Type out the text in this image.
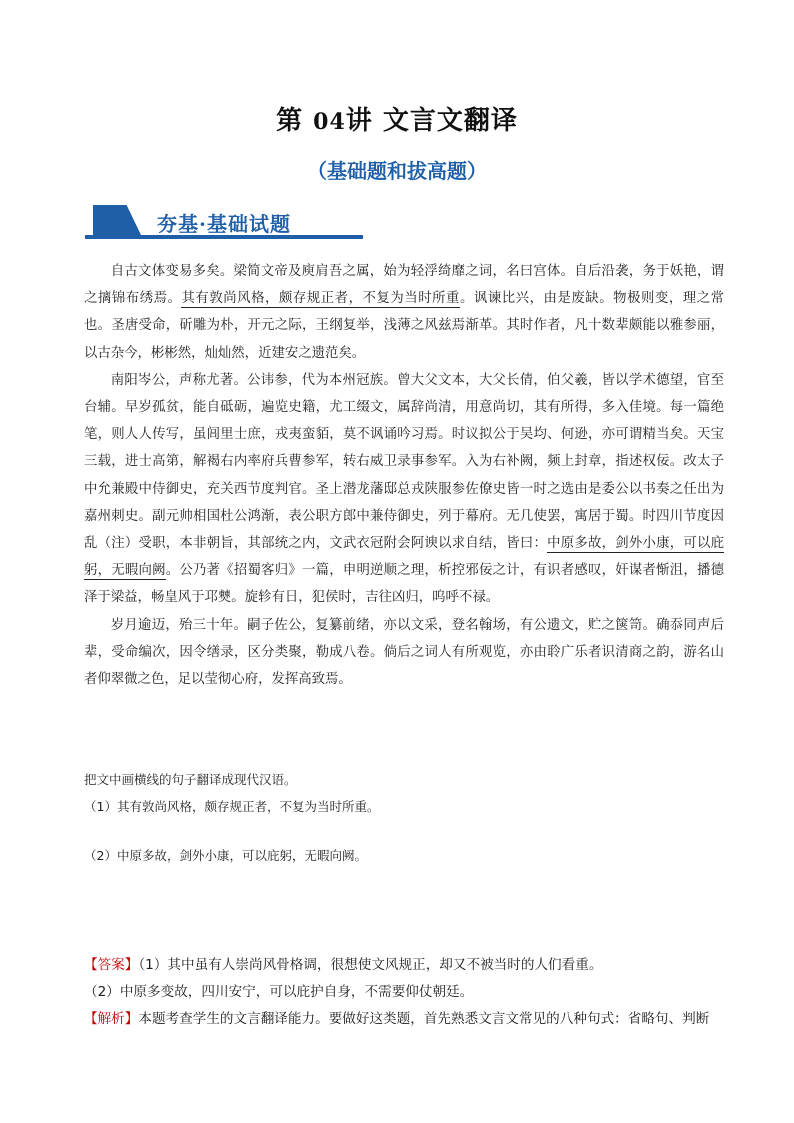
第 04讲 文言文翻译
（基础题和拔高题）
夯基·基础试题

自古文体变易多矣。梁简文帝及庾肩吾之属，始为轻浮绮靡之词，名曰宫体。自后沿袭，务于妖艳，谓之摛锦布绣焉。其有敦尚风格，颇存规正者，不复为当时所重。讽谏比兴，由是废缺。物极则变，理之常也。圣唐受命，斫雕为朴，开元之际，王纲复举，浅薄之风兹焉渐革。其时作者，凡十数辈颇能以雅参丽，以古杂今，彬彬然，灿灿然，近建安之遗范矣。

南阳岑公，声称尤著。公讳参，代为本州冠族。曾大父文本，大父长倩，伯父羲，皆以学术德望，官至台辅。早岁孤贫，能自砥砺，遍览史籍，尤工缀文，属辞尚清，用意尚切，其有所得，多入佳境。每一篇绝笔，则人人传写，虽闾里士庶，戎夷蛮貊，莫不讽诵吟习焉。时议拟公于吴均、何逊，亦可谓精当矣。天宝三载，进士高第，解褐右内率府兵曹参军，转右威卫录事参军。入为右补阙，频上封章，指述权佞。改太子中允兼殿中侍御史，充关西节度判官。圣上潜龙藩邸总戎陕服参佐僚史皆一时之选由是委公以书奏之任出为嘉州刺史。副元帅相国杜公鸿渐，表公职方郎中兼侍御史，列于幕府。无几使罢，寓居于蜀。时四川节度因乱（注）受职，本非朝旨，其部统之内，文武衣冠附会阿谀以求自结，皆曰：中原多故，剑外小康，可以庇躬，无暇向阙。公乃著《招蜀客归》一篇，申明逆顺之理，析控邪佞之计，有识者感叹，奸谋者惭沮，播德泽于梁益，畅皇风于邛僰。旋轸有日，犯侯时，吉往凶归，呜呼不禄。

岁月逾迈，殆三十年。嗣子佐公，复纂前绪，亦以文采，登名翰场，有公遗文，贮之箧笥。确忝同声后辈，受命编次，因令缮录，区分类聚，勒成八卷。倘后之词人有所观览，亦由聆广乐者识清商之韵，游名山者仰翠微之色，足以莹彻心府，发挥高致焉。

把文中画横线的句子翻译成现代汉语。
（1）其有敦尚风格，颇存规正者，不复为当时所重。
（2）中原多故，剑外小康，可以庇躬，无暇向阙。
【答案】（1）其中虽有人崇尚风骨格调，很想使文风规正，却又不被当时的人们看重。
（2）中原多变故，四川安宁，可以庇护自身，不需要仰仗朝廷。
【解析】本题考查学生的文言翻译能力。要做好这类题，首先熟悉文言文常见的八种句式：省略句、判断
